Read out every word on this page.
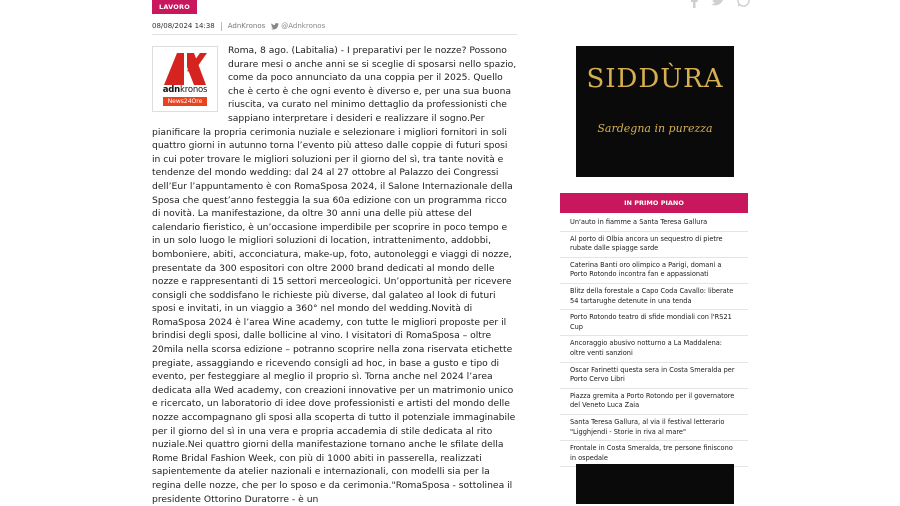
LAVORO
08/08/2024 14:38 AdnKronos @Adnkronos
Roma, 8 ago. (Labitalia) - I preparativi per le nozze? Possono durare mesi o anche anni se si sceglie di sposarsi nello spazio, come da poco annunciato da una coppia per il 2025. Quello che è certo è che ogni evento è diverso e, per una sua buona riuscita, va curato nel minimo dettaglio da professionisti che sappiano interpretare i desideri e realizzare il sogno.Per pianificare la propria cerimonia nuziale e selezionare i migliori fornitori in soli quattro giorni in autunno torna l’evento più atteso dalle coppie di futuri sposi in cui poter trovare le migliori soluzioni per il giorno del sì, tra tante novità e tendenze del mondo wedding: dal 24 al 27 ottobre al Palazzo dei Congressi dell’Eur l’appuntamento è con RomaSposa 2024, il Salone Internazionale della Sposa che quest’anno festeggia la sua 60a edizione con un programma ricco di novità. La manifestazione, da oltre 30 anni una delle più attese del calendario fieristico, è un’occasione imperdibile per scoprire in poco tempo e in un solo luogo le migliori soluzioni di location, intrattenimento, addobbi, bomboniere, abiti, acconciatura, make-up, foto, autonoleggi e viaggi di nozze, presentate da 300 espositori con oltre 2000 brand dedicati al mondo delle nozze e rappresentanti di 15 settori merceologici. Un’opportunità per ricevere consigli che soddisfano le richieste più diverse, dal galateo al look di futuri sposi e invitati, in un viaggio a 360° nel mondo del wedding.Novità di RomaSposa 2024 è l’area Wine academy, con tutte le migliori proposte per il brindisi degli sposi, dalle bollicine al vino. I visitatori di RomaSposa – oltre 20mila nella scorsa edizione – potranno scoprire nella zona riservata etichette pregiate, assaggiando e ricevendo consigli ad hoc, in base a gusto e tipo di evento, per festeggiare al meglio il proprio sì. Torna anche nel 2024 l’area dedicata alla Wed academy, con creazioni innovative per un matrimonio unico e ricercato, un laboratorio di idee dove professionisti e artisti del mondo delle nozze accompagnano gli sposi alla scoperta di tutto il potenziale immaginabile per il giorno del sì in una vera e propria accademia di stile dedicata al rito nuziale.Nei quattro giorni della manifestazione tornano anche le sfilate della Rome Bridal Fashion Week, con più di 1000 abiti in passerella, realizzati sapientemente da atelier nazionali e internazionali, con modelli sia per la regina delle nozze, che per lo sposo e da cerimonia."RomaSposa - sottolinea il presidente Ottorino Duratorre - è un
adnkronos
News24Ore
SIDDÙRA
Sardegna in purezza
IN PRIMO PIANO
Un'auto in fiamme a Santa Teresa Gallura
Al porto di Olbia ancora un sequestro di pietre rubate dalle spiagge sarde
Caterina Banti oro olimpico a Parigi, domani a Porto Rotondo incontra fan e appassionati
Blitz della forestale a Capo Coda Cavallo: liberate 54 tartarughe detenute in una tenda
Porto Rotondo teatro di sfide mondiali con l'RS21 Cup
Ancoraggio abusivo notturno a La Maddalena: oltre venti sanzioni
Oscar Farinetti questa sera in Costa Smeralda per Porto Cervo Libri
Piazza gremita a Porto Rotondo per il governatore del Veneto Luca Zaia
Santa Teresa Gallura, al via il festival letterario "Ligghjendi - Storie in riva al mare"
Frontale in Costa Smeralda, tre persone finiscono in ospedale
